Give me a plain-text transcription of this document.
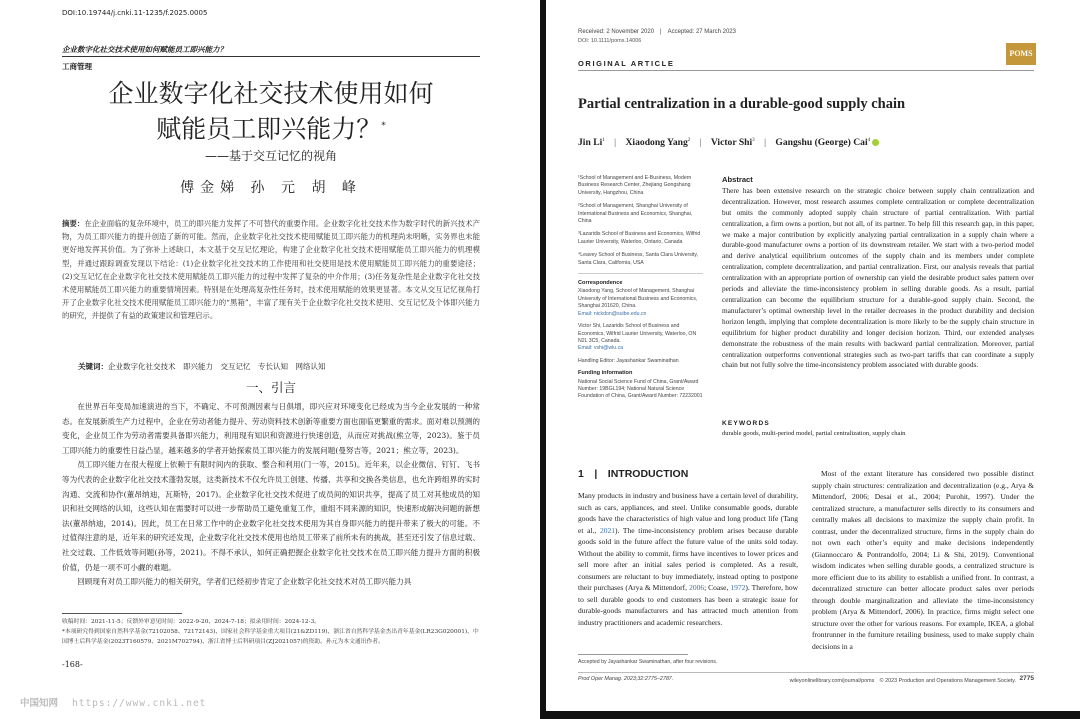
DOI:10.19744/j.cnki.11-1235/f.2025.0005
企业数字化社交技术使用如何赋能员工即兴能力？
工商管理
企业数字化社交技术使用如何
赋能员工即兴能力？*
——基于交互记忆的视角
傅金娣 孙 元 胡 峰
摘要：在企业面临的复杂环境中，员工的即兴能力发挥了不可替代的重要作用。企业数字化社交技术作为数字时代的新兴技术产物，为员工即兴能力的提升创造了新的可能。然而，企业数字化社交技术使用赋能员工即兴能力的机理尚未明晰，实务界也未能更好地发挥其价值。为了弥补上述缺口，本文基于交互记忆理论，构建了企业数字化社交技术使用赋能员工即兴能力的机理模型，并通过跟踪调查发现以下结论：(1)企业数字化社交技术的工作使用和社交使用是技术使用赋能员工即兴能力的重要途径；(2)交互记忆在企业数字化社交技术使用赋能员工即兴能力的过程中发挥了复杂的中介作用；(3)任务复杂性是企业数字化社交技术使用赋能员工即兴能力的重要情境因素。特别是在处理高复杂性任务时，技术使用赋能的效果更显著。本文从交互记忆视角打开了企业数字化社交技术使用赋能员工即兴能力的“黑箱”，丰富了现有关于企业数字化社交技术使用、交互记忆及个体即兴能力的研究，并提供了有益的政策建议和管理启示。
关键词：企业数字化社交技术　即兴能力　交互记忆　专长认知　网络认知
一、引言

在世界百年变局加速演进的当下，不确定、不可预测因素与日俱增，即兴应对环境变化已经成为当今企业发展的一种常态。在发展新质生产力过程中，企业在劳动者能力提升、劳动资料技术创新等重要方面也面临更繁重的需求。面对难以预测的变化，企业员工作为劳动者需要具备即兴能力，利用现有知识和资源进行快速创造，从而应对挑战(熊立等，2023)。鉴于员工即兴能力的重要性日益凸显，越来越多的学者开始探索员工即兴能力的发展问题(曼努吉等，2021；熊立等，2023)。

员工即兴能力在很大程度上依赖于有限时间内的获取、整合和利用(门一等，2015)。近年来，以企业微信、钉钉、飞书等为代表的企业数字化社交技术蓬勃发展，这类新技术不仅允许员工创建、传播、共享和交换各类信息，也允许跨组界的实时沟通、交流和协作(董昂纳迪，瓦斯特，2017)。企业数字化社交技术促进了成员间的知识共享，提高了员工对其他成员的知识和社交网络的认知，这些认知在需要时可以进一步帮助员工避免重复工作，重组不同来源的知识，快速形成解决问题的新想法(董昂纳迪，2014)。因此，员工在日常工作中的企业数字化社交技术使用为其自身即兴能力的提升带来了极大的可能。不过值得注意的是，近年来的研究还发现，企业数字化社交技术使用也给员工带来了前所未有的挑战，甚至还引发了信息过载、社交过载、工作低效等问题(孙等，2021)。不得不承认，如何正确把握企业数字化社交技术在员工即兴能力提升方面的积极价值，仍是一项不可小觑的难题。

回顾现有对员工即兴能力的相关研究，学者们已经初步肯定了企业数字化社交技术对员工即兴能力具

收稿时间：2021-11-5；反馈外审意见时间：2022-9-20、2024-7-18；拟录用时间：2024-12-3。
*本项研究得到国家自然科学基金(72102058、72172143)、国家社会科学基金重大项目(21&ZD119)、浙江省自然科学基金杰出青年基金(LR23G020001)、中国博士后科学基金(2023T160579、2021M702794)、浙江省博士后科研项目(ZJ2021057)的资助。孙元为本文通讯作者。
-168-
中国知网 https://www.cnki.net
Received: 2 November 2020　|　Accepted: 27 March 2023
DOI: 10.1111/poms.14006
POMS
ORIGINAL ARTICLE
Partial centralization in a durable-good supply chain
Jin Li$^1$ | Xiaodong Yang$^2$ | Victor Shi$^3$ | Gangshu (George) Cai$^4$
¹School of Management and E-Business, Modern Business Research Center, Zhejiang Gongshang University, Hangzhou, China
²School of Management, Shanghai University of International Business and Economics, Shanghai, China
³Lazaridis School of Business and Economics, Wilfrid Laurier University, Waterloo, Ontario, Canada
⁴Leavey School of Business, Santa Clara University, Santa Clara, California, USA
Correspondence
Xiaodong Yang, School of Management, Shanghai University of International Business and Economics, Shanghai 201620, China.
Email: nickdon@suibe.edu.cn
Victor Shi, Lazaridis School of Business and Economics, Wilfrid Laurier University, Waterloo, ON N2L 3C5, Canada.
Email: vshi@wlu.ca
Handling Editor: Jayashankar Swaminathan
Funding information
National Social Science Fund of China, Grant/Award Number: 19BGL194; National Natural Science Foundation of China, Grant/Award Number: 72232001
Abstract
There has been extensive research on the strategic choice between supply chain centralization and decentralization. However, most research assumes complete centralization or complete decentralization but omits the commonly adopted supply chain structure of partial centralization. With partial centralization, a firm owns a portion, but not all, of its partner. To help fill this research gap, in this paper, we make a major contribution by explicitly analyzing partial centralization in a supply chain where a durable-good manufacturer owns a portion of its downstream retailer. We start with a two-period model and derive analytical equilibrium outcomes of the supply chain and its members under complete centralization, complete decentralization, and partial centralization. First, our analysis reveals that partial centralization with an appropriate portion of ownership can yield the desirable product sales pattern over periods and alleviate the time-inconsistency problem in selling durable goods. As a result, partial centralization can become the equilibrium structure for a durable-good supply chain. Second, the manufacturer’s optimal ownership level in the retailer decreases in the product durability and decision horizon length, implying that complete decentralization is more likely to be the supply chain structure in equilibrium for higher product durability and longer decision horizon. Third, our extended analyses demonstrate the robustness of the main results with backward partial centralization. Moreover, partial centralization outperforms conventional strategies such as two-part tariffs that can coordinate a supply chain but not fully solve the time-inconsistency problem associated with durable goods.
KEYWORDS
durable goods, multi-period model, partial centralization, supply chain
1　|　INTRODUCTION
Many products in industry and business have a certain level of durability, such as cars, appliances, and steel. Unlike consumable goods, durable goods have the characteristics of high value and long product life (Tang et al., 2021). The time-inconsistency problem arises because durable goods sold in the future affect the future value of the units sold today. Without the ability to commit, firms have incentives to lower prices and sell more after an initial sales period is completed. As a result, consumers are reluctant to buy immediately, instead opting to postpone their purchases (Arya & Mittendorf, 2006; Coase, 1972). Therefore, how to sell durable goods to end customers has been a strategic issue for durable-goods manufacturers and has attracted much attention from industry practitioners and academic researchers.
Most of the extant literature has considered two possible distinct supply chain structures: centralization and decentralization (e.g., Arya & Mittendorf, 2006; Desai et al., 2004; Purohit, 1997). Under the centralized structure, a manufacturer sells directly to its consumers and centrally makes all decisions to maximize the supply chain profit. In contrast, under the decentralized structure, firms in the supply chain do not own each other’s equity and make decisions independently (Giannoccaro & Pontrandolfo, 2004; Li & Shi, 2019). Conventional wisdom indicates when selling durable goods, a centralized structure is more efficient due to its ability to establish a unified front. In contrast, a decentralized structure can better allocate product sales over periods through double marginalization and alleviate the time-inconsistency problem (Arya & Mittendorf, 2006). In practice, firms might select one structure over the other for various reasons. For example, IKEA, a global frontrunner in the furniture retailing business, used to make supply chain decisions in a
Accepted by Jayashankar Swaminathan, after four revisions.
Prod Oper Manag. 2023;32:2775–2787.	wileyonlinelibrary.com/journal/poms　© 2023 Production and Operations Management Society. 2775
